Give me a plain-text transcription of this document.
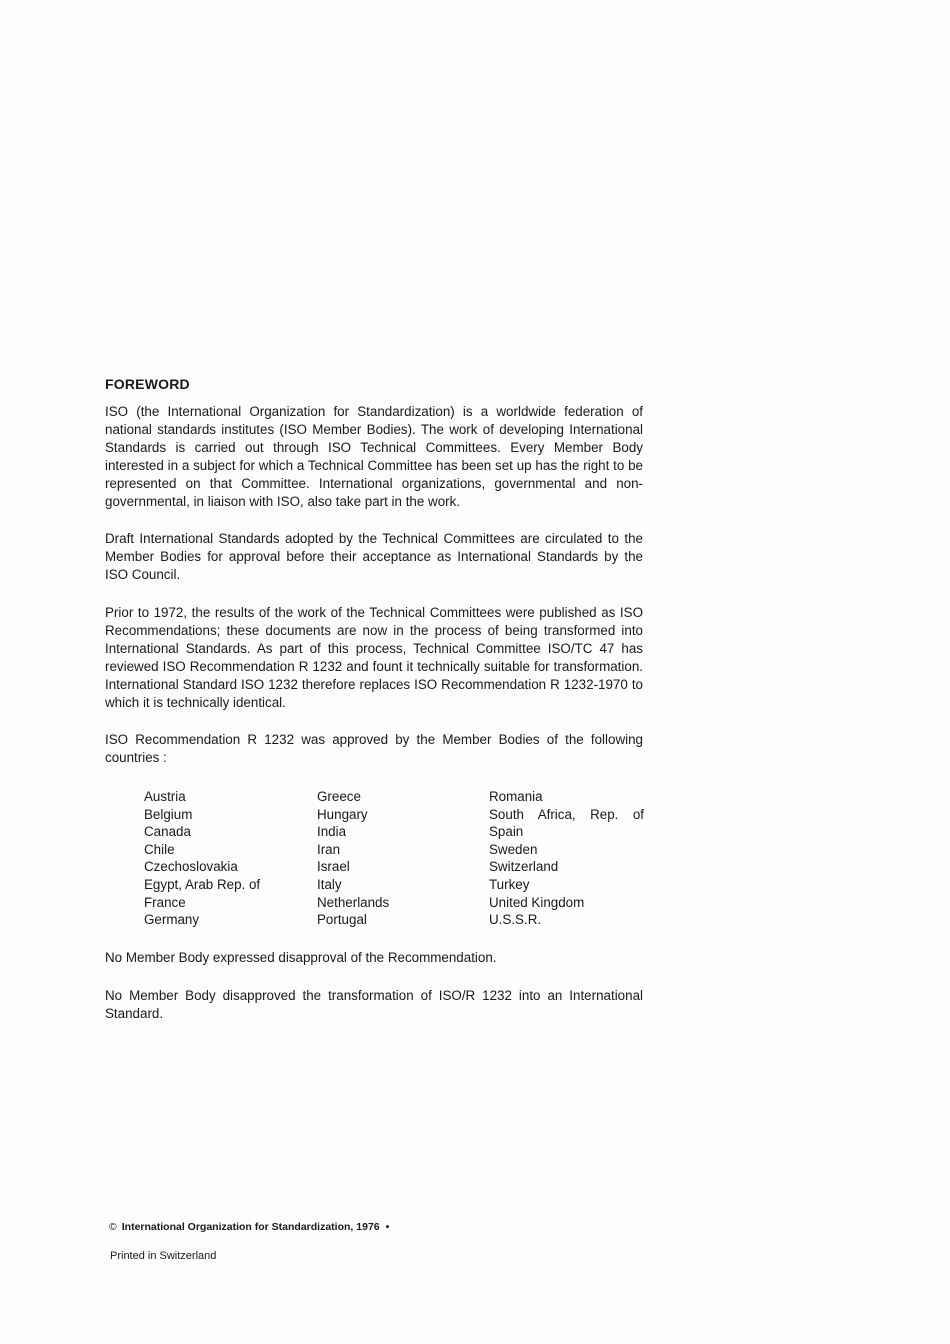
FOREWORD

ISO (the International Organization for Standardization) is a worldwide federation of national standards institutes (ISO Member Bodies). The work of developing International Standards is carried out through ISO Technical Committees. Every Member Body interested in a subject for which a Technical Committee has been set up has the right to be represented on that Committee. International organizations, governmental and non-governmental, in liaison with ISO, also take part in the work.

Draft International Standards adopted by the Technical Committees are circulated to the Member Bodies for approval before their acceptance as International Standards by the ISO Council.

Prior to 1972, the results of the work of the Technical Committees were published as ISO Recommendations; these documents are now in the process of being transformed into International Standards. As part of this process, Technical Committee ISO/TC 47 has reviewed ISO Recommendation R 1232 and fount it technically suitable for transformation. International Standard ISO 1232 therefore replaces ISO Recommendation R 1232-1970 to which it is technically identical.

ISO Recommendation R 1232 was approved by the Member Bodies of the following countries :

Austria
Belgium
Canada
Chile
Czechoslovakia
Egypt, Arab Rep. of
France
Germany
Greece
Hungary
India
Iran
Israel
Italy
Netherlands
Portugal
Romania
South Africa, Rep. of
Spain
Sweden
Switzerland
Turkey
United Kingdom
U.S.S.R.

No Member Body expressed disapproval of the Recommendation.

No Member Body disapproved the transformation of ISO/R 1232 into an International Standard.

© International Organization for Standardization, 1976 •
Printed in Switzerland
